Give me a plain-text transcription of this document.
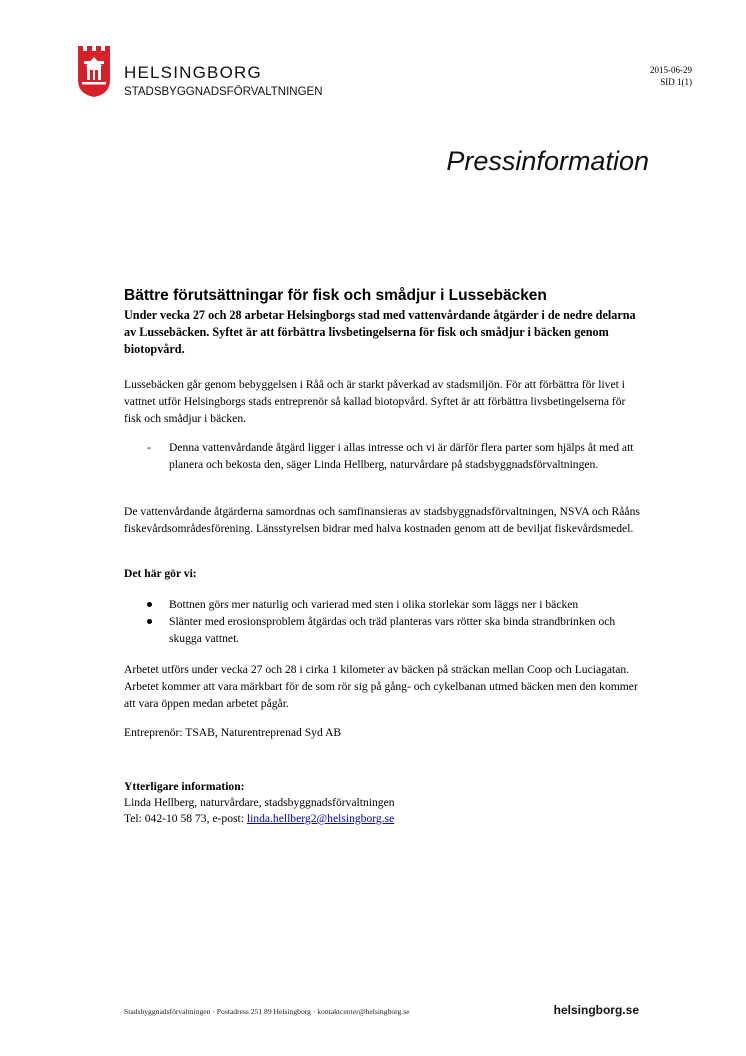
HELSINGBORG
STADSBYGGNADSFÖRVALTNINGEN
2015-06-29
SID 1(1)
Pressinformation
Bättre förutsättningar för fisk och smådjur i Lussebäcken

Under vecka 27 och 28 arbetar Helsingborgs stad med vattenvårdande åtgärder i de nedre delarna av Lussebäcken. Syftet är att förbättra livsbetingelserna för fisk och smådjur i bäcken genom biotopvård.

Lussebäcken går genom bebyggelsen i Råå och är starkt påverkad av stadsmiljön. För att förbättra för livet i vattnet utför Helsingborgs stads entreprenör så kallad biotopvård. Syftet är att förbättra livsbetingelserna för fisk och smådjur i bäcken.

- Denna vattenvårdande åtgärd ligger i allas intresse och vi är därför flera parter som hjälps åt med att planera och bekosta den, säger Linda Hellberg, naturvårdare på stadsbyggnadsförvaltningen.

De vattenvårdande åtgärderna samordnas och samfinansieras av stadsbyggnadsförvaltningen, NSVA och Rååns fiskevårdsområdesförening. Länsstyrelsen bidrar med halva kostnaden genom att de beviljat fiskevårdsmedel.

Det här gör vi:
Bottnen görs mer naturlig och varierad med sten i olika storlekar som läggs ner i bäcken
Slänter med erosionsproblem åtgärdas och träd planteras vars rötter ska binda strandbrinken och skugga vattnet.

Arbetet utförs under vecka 27 och 28 i cirka 1 kilometer av bäcken på sträckan mellan Coop och Luciagatan. Arbetet kommer att vara märkbart för de som rör sig på gång- och cykelbanan utmed bäcken men den kommer att vara öppen medan arbetet pågår.

Entreprenör: TSAB, Naturentreprenad Syd AB

Ytterligare information:
Linda Hellberg, naturvårdare, stadsbyggnadsförvaltningen
Tel: 042-10 58 73, e-post: linda.hellberg2@helsingborg.se
Stadsbyggnadsförvaltningen · Postadress 251 89 Helsingborg · kontaktcenter@helsingborg.se	helsingborg.se
